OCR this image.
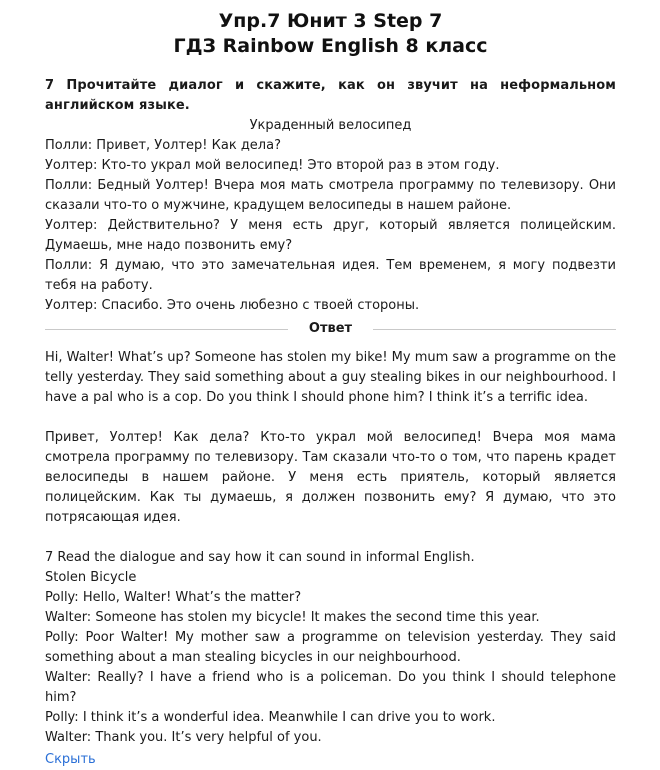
Упр.7 Юнит 3 Step 7
ГДЗ Rainbow English 8 класс
7 Прочитайте диалог и скажите, как он звучит на неформальном английском языке.
Украденный велосипед
Полли: Привет, Уолтер! Как дела?
Уолтер: Кто-то украл мой велосипед! Это второй раз в этом году.
Полли: Бедный Уолтер! Вчера моя мать смотрела программу по телевизору. Они сказали что-то о мужчине, крадущем велосипеды в нашем районе.
Уолтер: Действительно? У меня есть друг, который является полицейским. Думаешь, мне надо позвонить ему?
Полли: Я думаю, что это замечательная идея. Тем временем, я могу подвезти тебя на работу.
Уолтер: Спасибо. Это очень любезно с твоей стороны.
Ответ
Hi, Walter! What’s up? Someone has stolen my bike! My mum saw a programme on the telly yesterday. They said something about a guy stealing bikes in our neighbourhood. I have a pal who is a cop. Do you think I should phone him? I think it’s a terrific idea.
Привет, Уолтер! Как дела? Кто-то украл мой велосипед! Вчера моя мама смотрела программу по телевизору. Там сказали что-то о том, что парень крадет велосипеды в нашем районе. У меня есть приятель, который является полицейским. Как ты думаешь, я должен позвонить ему? Я думаю, что это потрясающая идея.
7 Read the dialogue and say how it can sound in informal English.
Stolen Bicycle
Polly: Hello, Walter! What’s the matter?
Walter: Someone has stolen my bicycle! It makes the second time this year.
Polly: Poor Walter! My mother saw a programme on television yesterday. They said something about a man stealing bicycles in our neighbourhood.
Walter: Really? I have a friend who is a policeman. Do you think I should telephone him?
Polly: I think it’s a wonderful idea. Meanwhile I can drive you to work.
Walter: Thank you. It’s very helpful of you.
Скрыть
